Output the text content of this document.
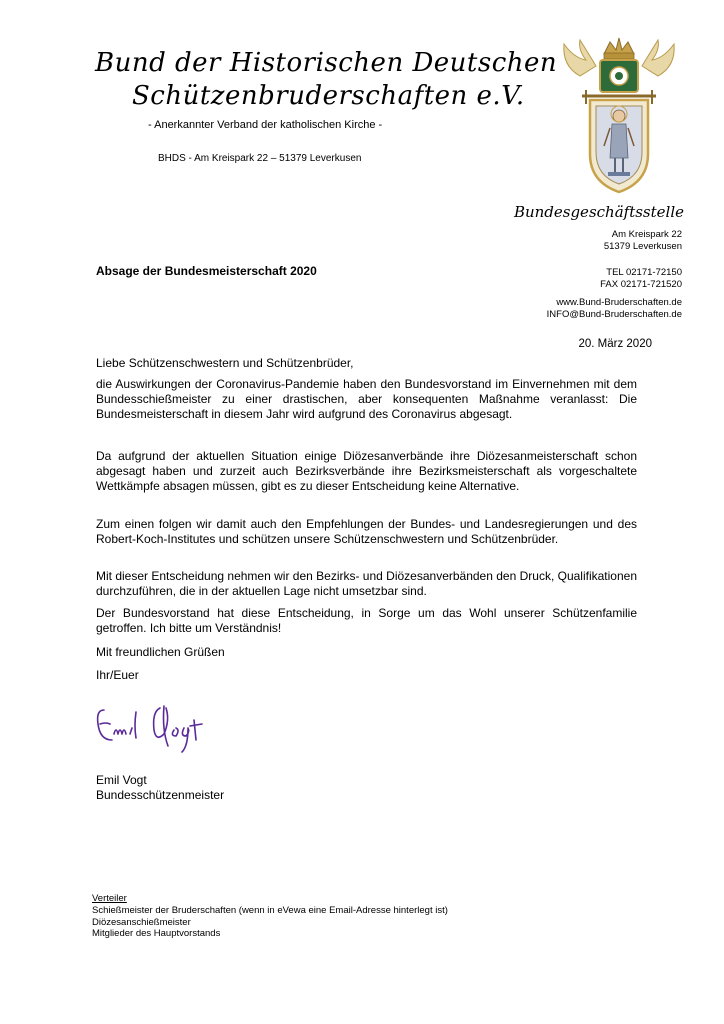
Bund der Historischen Deutschen
Schützenbruderschaften e.V.
- Anerkannter Verband der katholischen Kirche -
BHDS - Am Kreispark 22 – 51379 Leverkusen
Bundesgeschäftsstelle
Am Kreispark 22
51379 Leverkusen
TEL 02171-72150
FAX 02171-721520
www.Bund-Bruderschaften.de
INFO@Bund-Bruderschaften.de
20. März 2020
Absage der Bundesmeisterschaft 2020
Liebe Schützenschwestern und Schützenbrüder,
die Auswirkungen der Coronavirus-Pandemie haben den Bundesvorstand im Einvernehmen mit dem Bundesschießmeister zu einer drastischen, aber konsequenten Maßnahme veranlasst: Die Bundesmeisterschaft in diesem Jahr wird aufgrund des Coronavirus abgesagt.
Da aufgrund der aktuellen Situation einige Diözesanverbände ihre Diözesanmeisterschaft schon abgesagt haben und zurzeit auch Bezirksverbände ihre Bezirksmeisterschaft als vorgeschaltete Wettkämpfe absagen müssen, gibt es zu dieser Entscheidung keine Alternative.
Zum einen folgen wir damit auch den Empfehlungen der Bundes- und Landesregierungen und des Robert-Koch-Institutes und schützen unsere Schützenschwestern und Schützenbrüder.
Mit dieser Entscheidung nehmen wir den Bezirks- und Diözesanverbänden den Druck, Qualifikationen durchzuführen, die in der aktuellen Lage nicht umsetzbar sind.
Der Bundesvorstand hat diese Entscheidung, in Sorge um das Wohl unserer Schützenfamilie getroffen. Ich bitte um Verständnis!
Mit freundlichen Grüßen
Ihr/Euer
Emil Vogt
Bundesschützenmeister
Verteiler
Schießmeister der Bruderschaften (wenn in eVewa eine Email-Adresse hinterlegt ist)
Diözesanschießmeister
Mitglieder des Hauptvorstands
